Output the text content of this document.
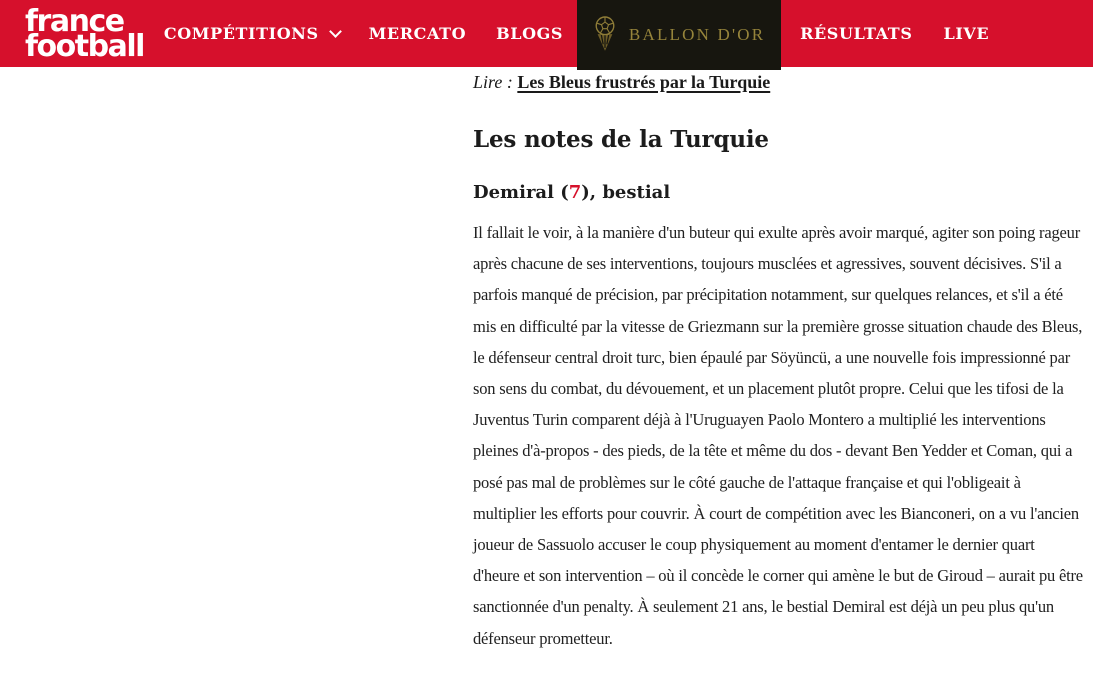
france
football COMPÉTITIONS	MERCATO BLOGS	BALLON D'OR RÉSULTATS LIVE
Lire : Les Bleus frustrés par la Turquie
Les notes de la Turquie
Demiral (7), bestial

Il fallait le voir, à la manière d'un buteur qui exulte après avoir marqué, agiter son poing rageur après chacune de ses interventions, toujours musclées et agressives, souvent décisives. S'il a parfois manqué de précision, par précipitation notamment, sur quelques relances, et s'il a été mis en difficulté par la vitesse de Griezmann sur la première grosse situation chaude des Bleus, le défenseur central droit turc, bien épaulé par Söyüncü, a une nouvelle fois impressionné par son sens du combat, du dévouement, et un placement plutôt propre. Celui que les tifosi de la Juventus Turin comparent déjà à l'Uruguayen Paolo Montero a multiplié les interventions pleines d'à-propos - des pieds, de la tête et même du dos - devant Ben Yedder et Coman, qui a posé pas mal de problèmes sur le côté gauche de l'attaque française et qui l'obligeait à multiplier les efforts pour couvrir. À court de compétition avec les Bianconeri, on a vu l'ancien joueur de Sassuolo accuser le coup physiquement au moment d'entamer le dernier quart d'heure et son intervention – où il concède le corner qui amène le but de Giroud – aurait pu être sanctionnée d'un penalty. À seulement 21 ans, le bestial Demiral est déjà un peu plus qu'un défenseur prometteur.
